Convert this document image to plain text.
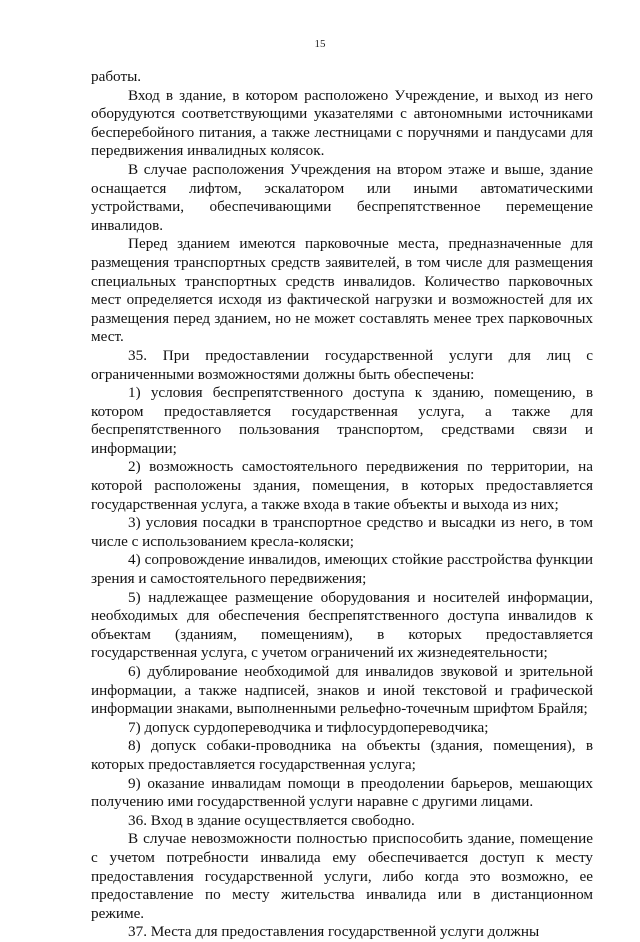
15

работы.

Вход в здание, в котором расположено Учреждение, и выход из него оборудуются соответствующими указателями с автономными источниками бесперебойного питания, а также лестницами с поручнями и пандусами для передвижения инвалидных колясок.

В случае расположения Учреждения на втором этаже и выше, здание оснащается лифтом, эскалатором или иными автоматическими устройствами, обеспечивающими беспрепятственное перемещение инвалидов.

Перед зданием имеются парковочные места, предназначенные для размещения транспортных средств заявителей, в том числе для размещения специальных транспортных средств инвалидов. Количество парковочных мест определяется исходя из фактической нагрузки и возможностей для их размещения перед зданием, но не может составлять менее трех парковочных мест.

35. При предоставлении государственной услуги для лиц с ограниченными возможностями должны быть обеспечены:

1) условия беспрепятственного доступа к зданию, помещению, в котором предоставляется государственная услуга, а также для беспрепятственного пользования транспортом, средствами связи и информации;

2) возможность самостоятельного передвижения по территории, на которой расположены здания, помещения, в которых предоставляется государственная услуга, а также входа в такие объекты и выхода из них;

3) условия посадки в транспортное средство и высадки из него, в том числе с использованием кресла-коляски;

4) сопровождение инвалидов, имеющих стойкие расстройства функции зрения и самостоятельного передвижения;

5) надлежащее размещение оборудования и носителей информации, необходимых для обеспечения беспрепятственного доступа инвалидов к объектам (зданиям, помещениям), в которых предоставляется государственная услуга, с учетом ограничений их жизнедеятельности;

6) дублирование необходимой для инвалидов звуковой и зрительной информации, а также надписей, знаков и иной текстовой и графической информации знаками, выполненными рельефно-точечным шрифтом Брайля;

7) допуск сурдопереводчика и тифлосурдопереводчика;

8) допуск собаки-проводника на объекты (здания, помещения), в которых предоставляется государственная услуга;

9) оказание инвалидам помощи в преодолении барьеров, мешающих получению ими государственной услуги наравне с другими лицами.

36. Вход в здание осуществляется свободно.

В случае невозможности полностью приспособить здание, помещение с учетом потребности инвалида ему обеспечивается доступ к месту предоставления государственной услуги, либо когда это возможно, ее предоставление по месту жительства инвалида или в дистанционном режиме.

37. Места для предоставления государственной услуги должны
